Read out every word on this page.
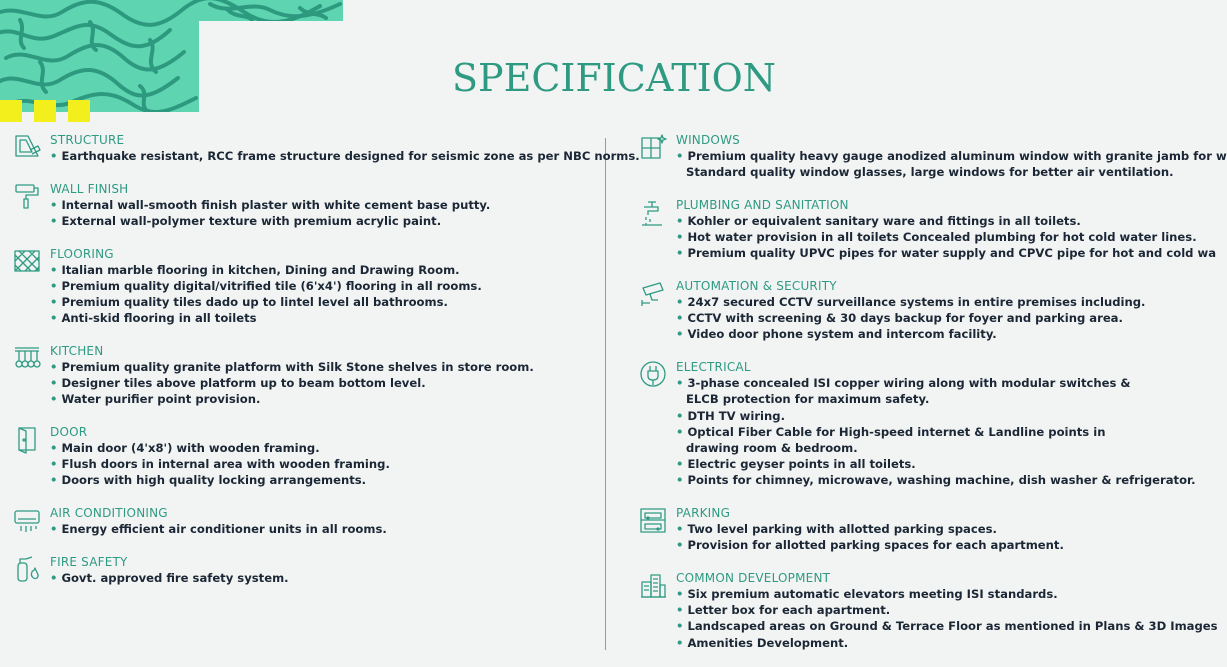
SPECIFICATION
STRUCTURE
• Earthquake resistant, RCC frame structure designed for seismic zone as per NBC norms.
WALL FINISH
• Internal wall-smooth finish plaster with white cement base putty.
• External wall-polymer texture with premium acrylic paint.
FLOORING
• Italian marble flooring in kitchen, Dining and Drawing Room.
• Premium quality digital/vitrified tile (6'x4') flooring in all rooms.
• Premium quality tiles dado up to lintel level all bathrooms.
• Anti-skid flooring in all toilets
KITCHEN
• Premium quality granite platform with Silk Stone shelves in store room.
• Designer tiles above platform up to beam bottom level.
• Water purifier point provision.
DOOR
• Main door (4'x8') with wooden framing.
• Flush doors in internal area with wooden framing.
• Doors with high quality locking arrangements.
AIR CONDITIONING
• Energy efficient air conditioner units in all rooms.
FIRE SAFETY
• Govt. approved fire safety system.
WINDOWS
• Premium quality heavy gauge anodized aluminum window with granite jamb for w
Standard quality window glasses, large windows for better air ventilation.
PLUMBING AND SANITATION
• Kohler or equivalent sanitary ware and fittings in all toilets.
• Hot water provision in all toilets Concealed plumbing for hot cold water lines.
• Premium quality UPVC pipes for water supply and CPVC pipe for hot and cold wa
AUTOMATION & SECURITY
• 24x7 secured CCTV surveillance systems in entire premises including.
• CCTV with screening & 30 days backup for foyer and parking area.
• Video door phone system and intercom facility.
ELECTRICAL
• 3-phase concealed ISI copper wiring along with modular switches &
ELCB protection for maximum safety.
• DTH TV wiring.
• Optical Fiber Cable for High-speed internet & Landline points in
drawing room & bedroom.
• Electric geyser points in all toilets.
• Points for chimney, microwave, washing machine, dish washer & refrigerator.
PARKING
• Two level parking with allotted parking spaces.
• Provision for allotted parking spaces for each apartment.
COMMON DEVELOPMENT
• Six premium automatic elevators meeting ISI standards.
• Letter box for each apartment.
• Landscaped areas on Ground & Terrace Floor as mentioned in Plans & 3D Images
• Amenities Development.
